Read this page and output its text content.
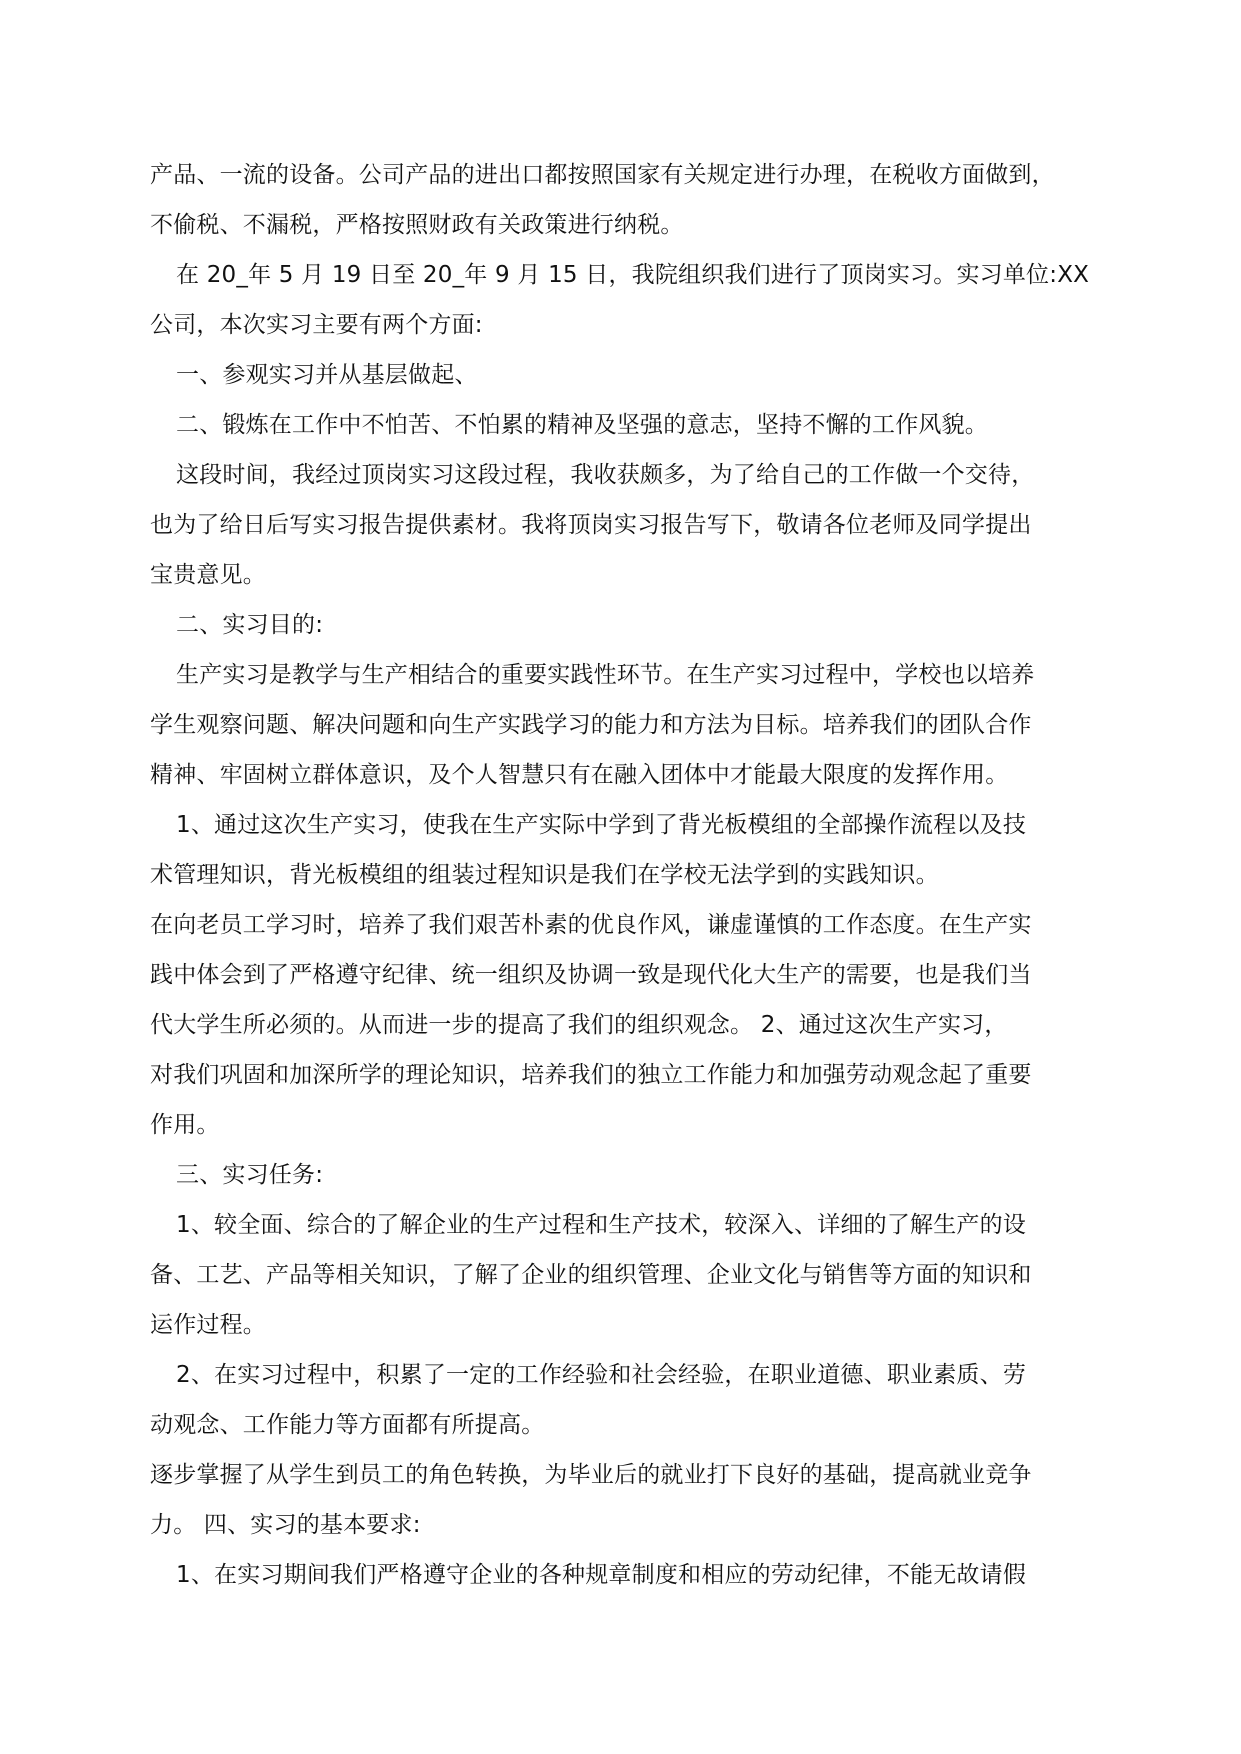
产品、一流的设备。公司产品的进出口都按照国家有关规定进行办理，在税收方面做到，
不偷税、不漏税，严格按照财政有关政策进行纳税。
在 20_年 5 月 19 日至 20_年 9 月 15 日，我院组织我们进行了顶岗实习。实习单位:XX
公司，本次实习主要有两个方面:
一、参观实习并从基层做起、
二、锻炼在工作中不怕苦、不怕累的精神及坚强的意志，坚持不懈的工作风貌。
这段时间，我经过顶岗实习这段过程，我收获颇多，为了给自己的工作做一个交待，
也为了给日后写实习报告提供素材。我将顶岗实习报告写下，敬请各位老师及同学提出
宝贵意见。
二、实习目的:
生产实习是教学与生产相结合的重要实践性环节。在生产实习过程中，学校也以培养
学生观察问题、解决问题和向生产实践学习的能力和方法为目标。培养我们的团队合作
精神、牢固树立群体意识，及个人智慧只有在融入团体中才能最大限度的发挥作用。
1、通过这次生产实习，使我在生产实际中学到了背光板模组的全部操作流程以及技
术管理知识，背光板模组的组装过程知识是我们在学校无法学到的实践知识。
在向老员工学习时，培养了我们艰苦朴素的优良作风，谦虚谨慎的工作态度。在生产实
践中体会到了严格遵守纪律、统一组织及协调一致是现代化大生产的需要，也是我们当
代大学生所必须的。从而进一步的提高了我们的组织观念。 2、通过这次生产实习，
对我们巩固和加深所学的理论知识，培养我们的独立工作能力和加强劳动观念起了重要
作用。
三、实习任务:
1、较全面、综合的了解企业的生产过程和生产技术，较深入、详细的了解生产的设
备、工艺、产品等相关知识，了解了企业的组织管理、企业文化与销售等方面的知识和
运作过程。
2、在实习过程中，积累了一定的工作经验和社会经验，在职业道德、职业素质、劳
动观念、工作能力等方面都有所提高。
逐步掌握了从学生到员工的角色转换，为毕业后的就业打下良好的基础，提高就业竞争
力。 四、实习的基本要求:
1、在实习期间我们严格遵守企业的各种规章制度和相应的劳动纪律，不能无故请假
